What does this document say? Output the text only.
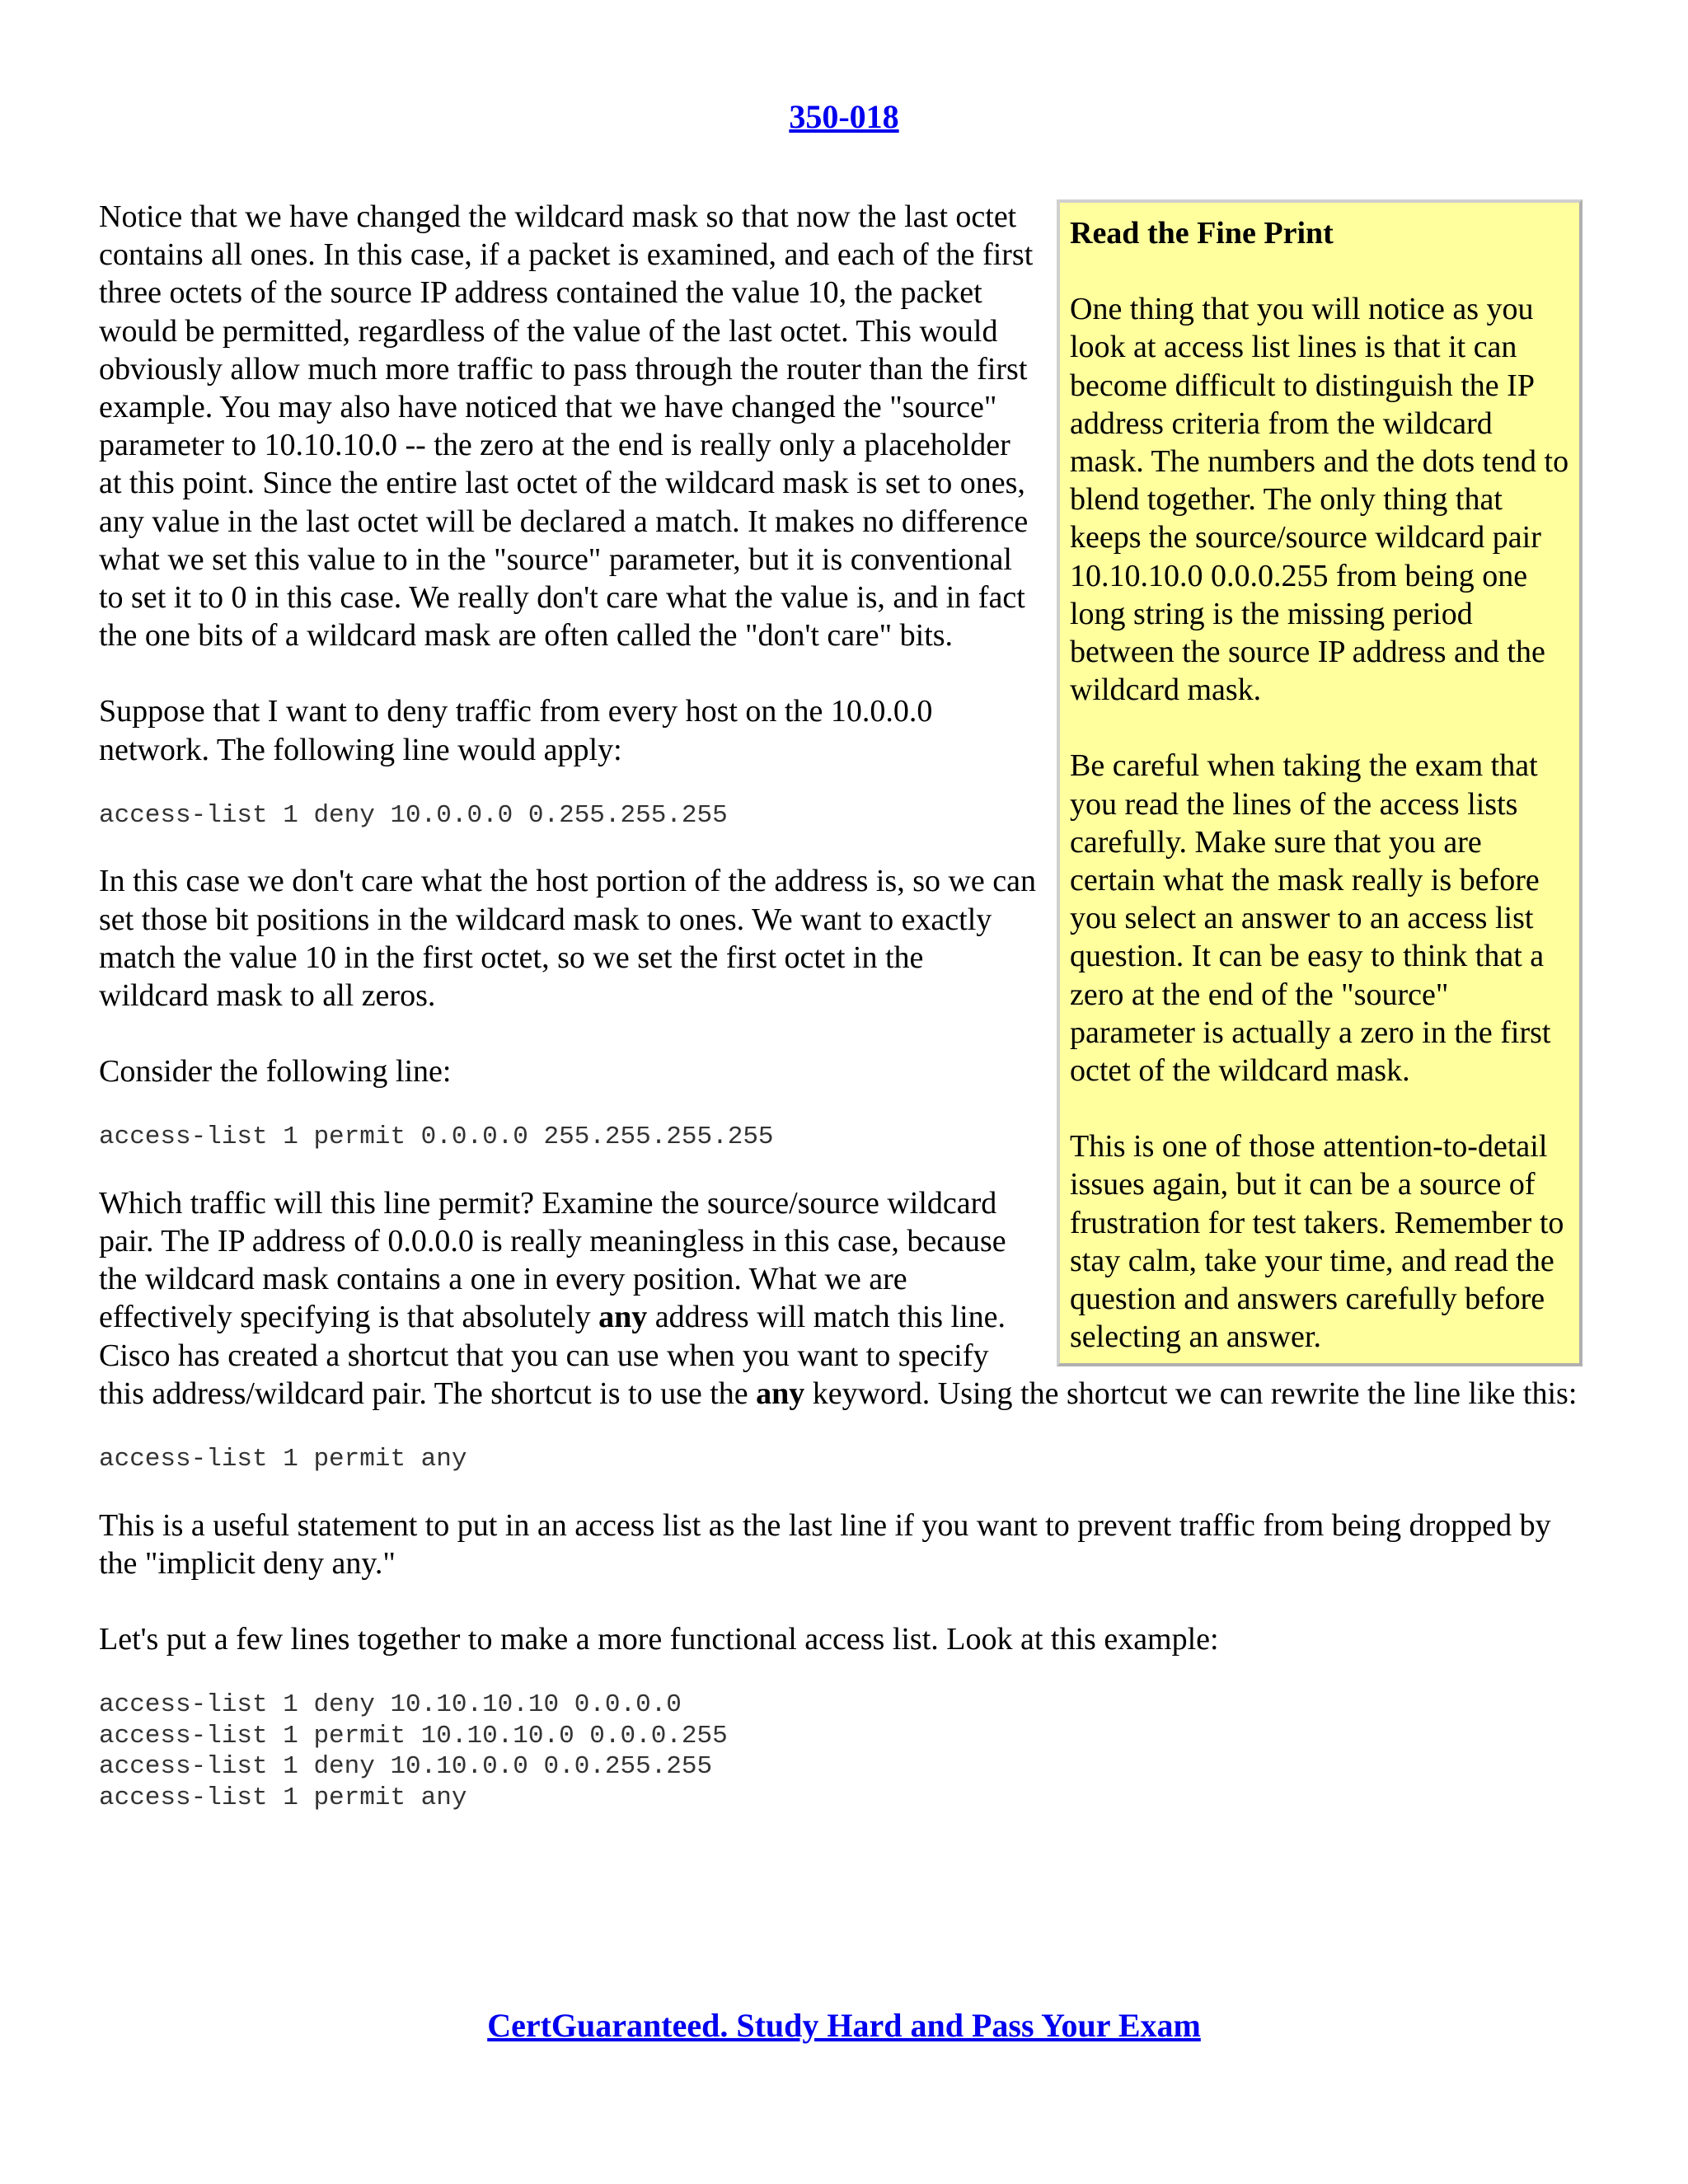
350-018

Read the Fine Print

One thing that you will notice as you look at access list lines is that it can become difficult to distinguish the IP address criteria from the wildcard mask. The numbers and the dots tend to blend together. The only thing that keeps the source/source wildcard pair 10.10.10.0 0.0.0.255 from being one long string is the missing period between the source IP address and the wildcard mask.

Be careful when taking the exam that you read the lines of the access lists carefully. Make sure that you are certain what the mask really is before you select an answer to an access list question. It can be easy to think that a zero at the end of the "source" parameter is actually a zero in the first octet of the wildcard mask.

This is one of those attention-to-detail issues again, but it can be a source of frustration for test takers. Remember to stay calm, take your time, and read the question and answers carefully before selecting an answer.

Notice that we have changed the wildcard mask so that now the last octet contains all ones. In this case, if a packet is examined, and each of the first three octets of the source IP address contained the value 10, the packet would be permitted, regardless of the value of the last octet. This would obviously allow much more traffic to pass through the router than the first example. You may also have noticed that we have changed the "source" parameter to 10.10.10.0 -- the zero at the end is really only a placeholder at this point. Since the entire last octet of the wildcard mask is set to ones, any value in the last octet will be declared a match. It makes no difference what we set this value to in the "source" parameter, but it is conventional to set it to 0 in this case. We really don't care what the value is, and in fact the one bits of a wildcard mask are often called the "don't care" bits.

Suppose that I want to deny traffic from every host on the 10.0.0.0 network. The following line would apply:

access-list 1 deny 10.0.0.0 0.255.255.255

In this case we don't care what the host portion of the address is, so we can set those bit positions in the wildcard mask to ones. We want to exactly match the value 10 in the first octet, so we set the first octet in the wildcard mask to all zeros.

Consider the following line:

access-list 1 permit 0.0.0.0 255.255.255.255

Which traffic will this line permit? Examine the source/source wildcard pair. The IP address of 0.0.0.0 is really meaningless in this case, because the wildcard mask contains a one in every position. What we are effectively specifying is that absolutely any address will match this line. Cisco has created a shortcut that you can use when you want to specify this address/wildcard pair. The shortcut is to use the any keyword. Using the shortcut we can rewrite the line like this:

access-list 1 permit any

This is a useful statement to put in an access list as the last line if you want to prevent traffic from being dropped by the "implicit deny any."

Let's put a few lines together to make a more functional access list. Look at this example:

access-list 1 deny 10.10.10.10 0.0.0.0
access-list 1 permit 10.10.10.0 0.0.0.255
access-list 1 deny 10.10.0.0 0.0.255.255
access-list 1 permit any
CertGuaranteed. Study Hard and Pass Your Exam
